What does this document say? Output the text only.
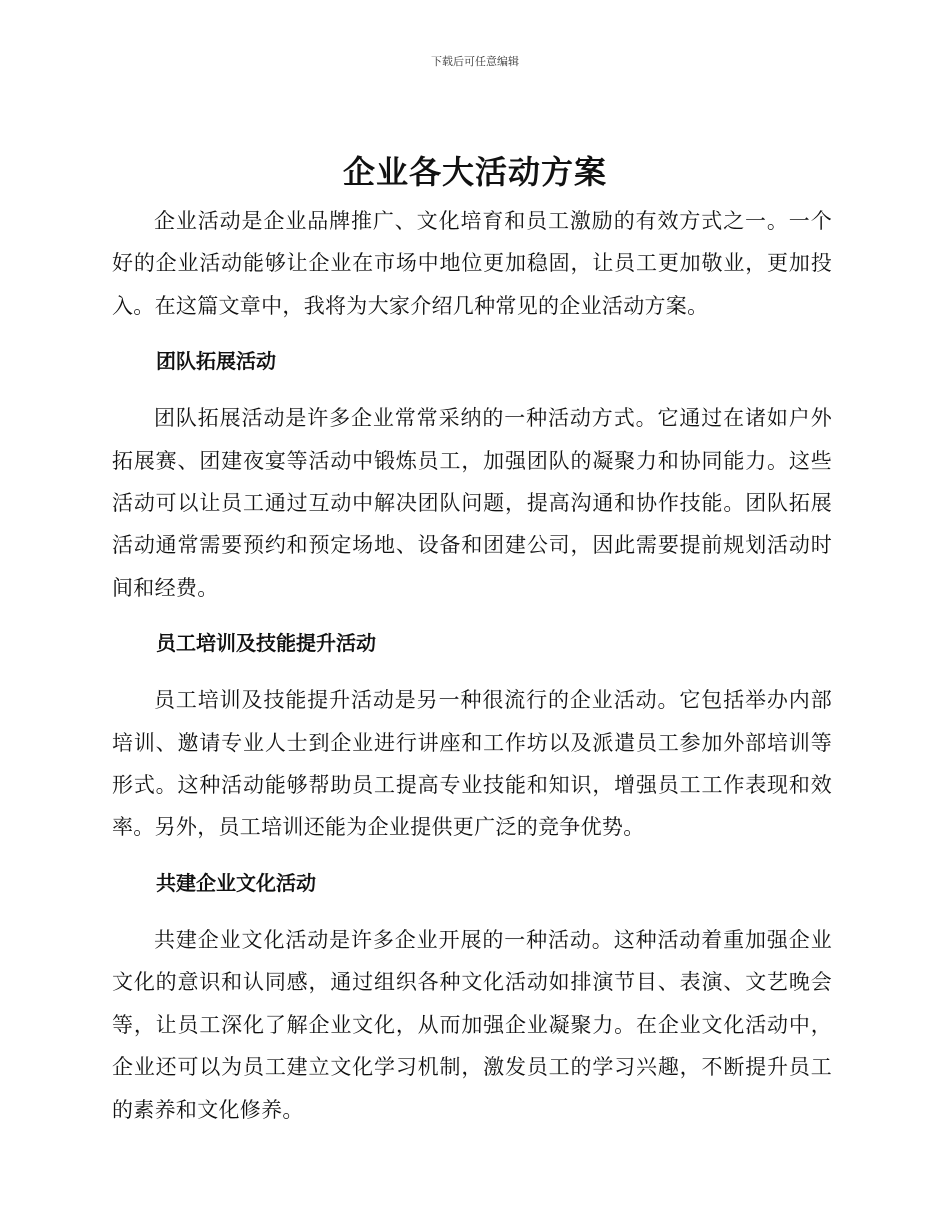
下载后可任意编辑
企业各大活动方案

企业活动是企业品牌推广、文化培育和员工激励的有效方式之一。一个好的企业活动能够让企业在市场中地位更加稳固，让员工更加敬业，更加投入。在这篇文章中，我将为大家介绍几种常见的企业活动方案。

团队拓展活动

团队拓展活动是许多企业常常采纳的一种活动方式。它通过在诸如户外拓展赛、团建夜宴等活动中锻炼员工，加强团队的凝聚力和协同能力。这些活动可以让员工通过互动中解决团队问题，提高沟通和协作技能。团队拓展活动通常需要预约和预定场地、设备和团建公司，因此需要提前规划活动时间和经费。

员工培训及技能提升活动

员工培训及技能提升活动是另一种很流行的企业活动。它包括举办内部培训、邀请专业人士到企业进行讲座和工作坊以及派遣员工参加外部培训等形式。这种活动能够帮助员工提高专业技能和知识，增强员工工作表现和效率。另外，员工培训还能为企业提供更广泛的竞争优势。

共建企业文化活动

共建企业文化活动是许多企业开展的一种活动。这种活动着重加强企业文化的意识和认同感，通过组织各种文化活动如排演节目、表演、文艺晚会等，让员工深化了解企业文化，从而加强企业凝聚力。在企业文化活动中，企业还可以为员工建立文化学习机制，激发员工的学习兴趣，不断提升员工的素养和文化修养。
